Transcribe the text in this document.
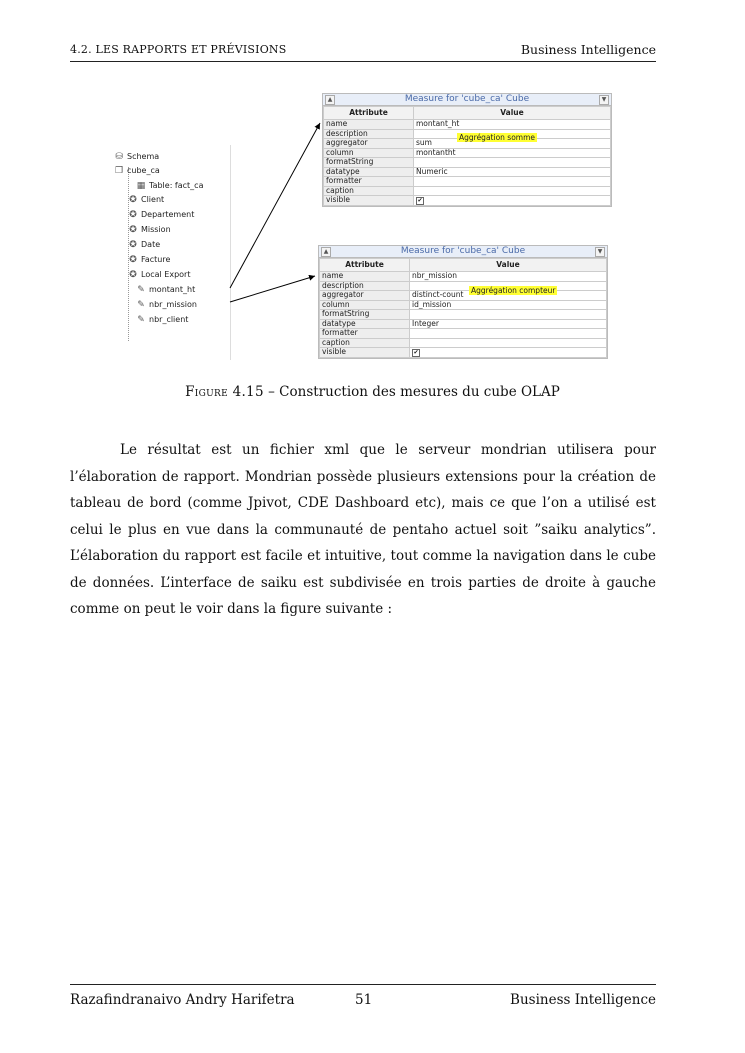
4.2. LES RAPPORTS ET PRÉVISIONS	Business Intelligence
⛁ Schema
❒ cube_ca
▦ Table: fact_ca
✪ Client
✪ Departement
✪ Mission
✪ Date
✪ Facture
✪ Local Export
✎ montant_ht
✎ nbr_mission
✎ nbr_client
▲	Measure for 'cube_ca' Cube	▼
Attribute	Value
name	montant_ht
description	
aggregator	sum
column	montantht
formatString	
datatype	Numeric
formatter	
caption	
visible	✔
Aggrégation somme
▲	Measure for 'cube_ca' Cube	▼
Attribute	Value
name	nbr_mission
description	
aggregator	distinct-count
column	id_mission
formatString	
datatype	Integer
formatter	
caption	
visible	✔
Aggrégation compteur
Figure 4.15 – Construction des mesures du cube OLAP

Le résultat est un fichier xml que le serveur mondrian utilisera pour l’élaboration de rapport. Mondrian possède plusieurs extensions pour la création de tableau de bord (comme Jpivot, CDE Dashboard etc), mais ce que l’on a utilisé est celui le plus en vue dans la communauté de pentaho actuel soit ”saiku analytics”. L’élaboration du rapport est facile et intuitive, tout comme la navigation dans le cube de données. L’interface de saiku est subdivisée en trois parties de droite à gauche comme on peut le voir dans la figure suivante :

Razafindranaivo Andry Harifetra	51	Business Intelligence
